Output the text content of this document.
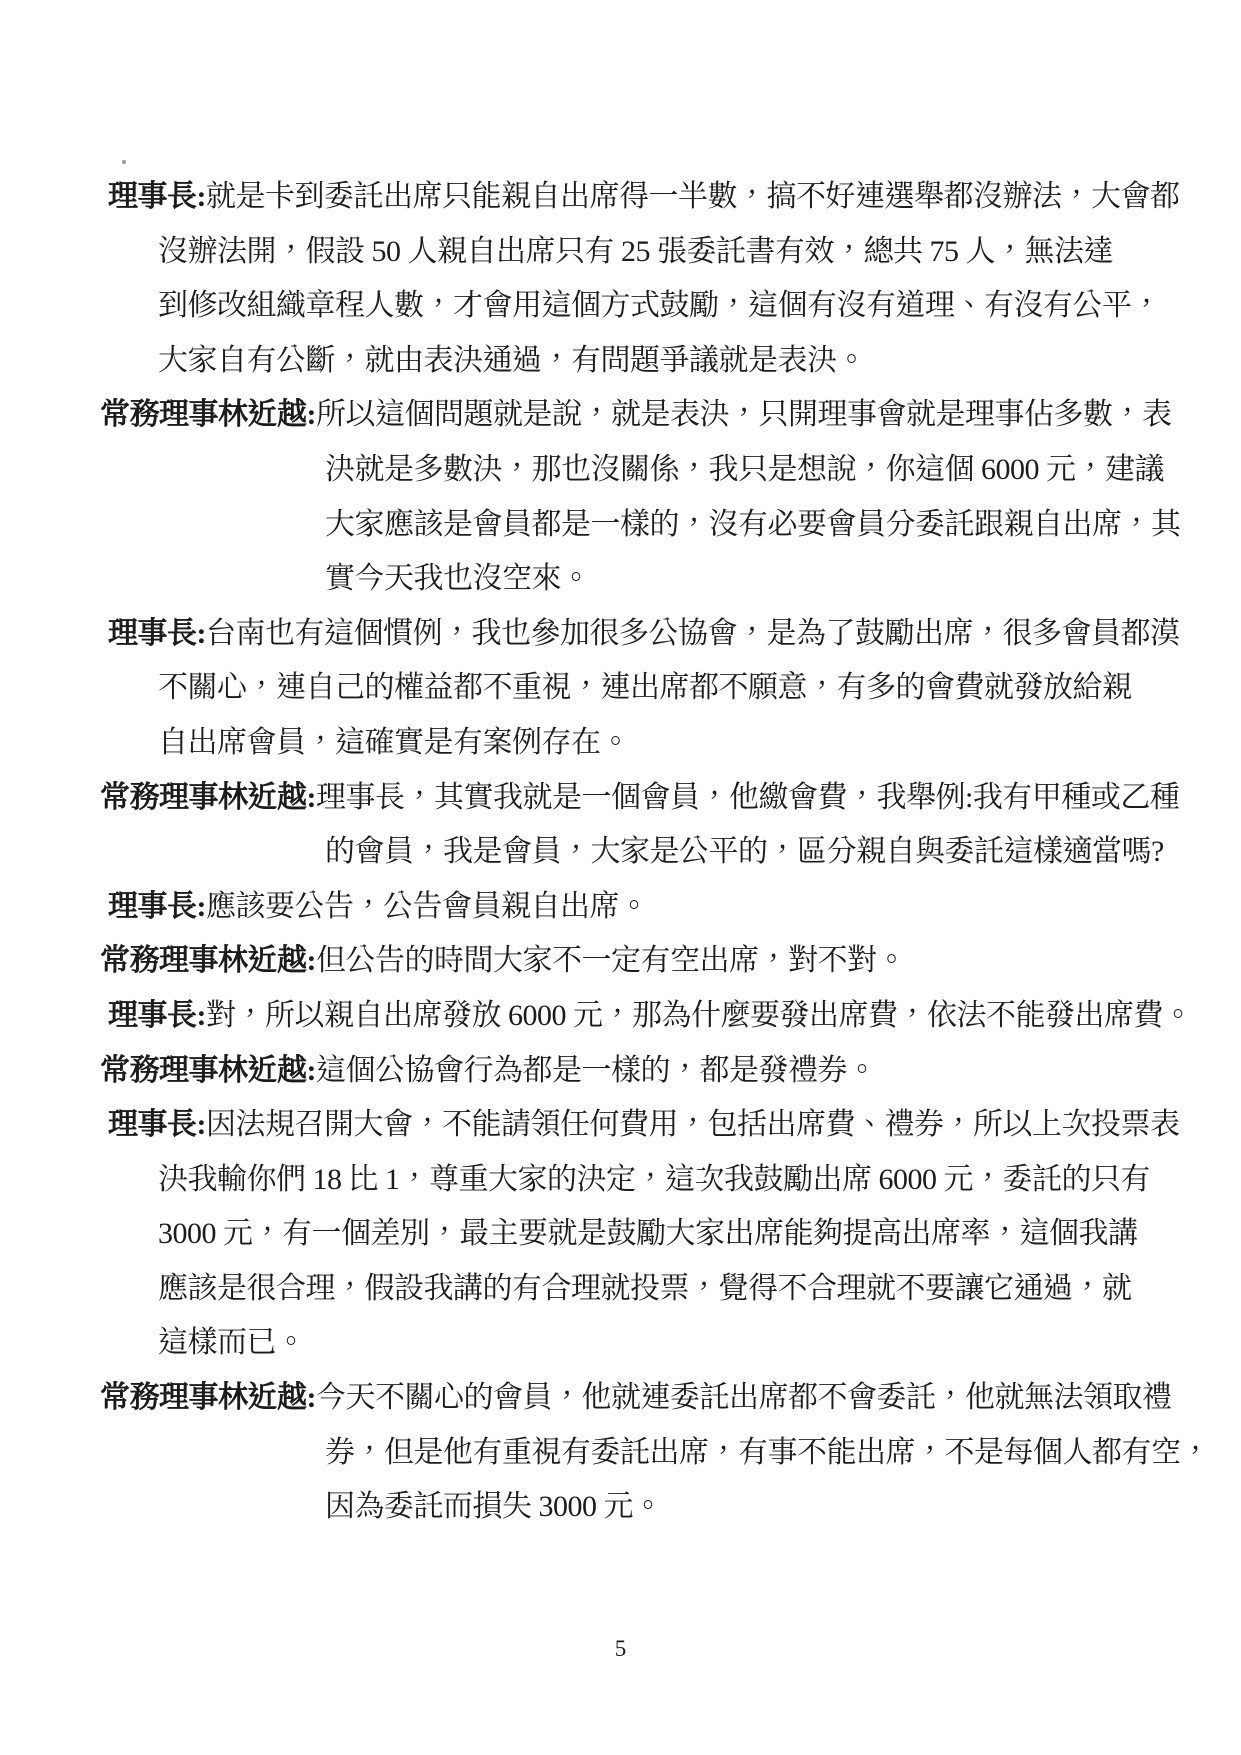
理事長:就是卡到委託出席只能親自出席得一半數，搞不好連選舉都沒辦法，大會都
沒辦法開，假設 50 人親自出席只有 25 張委託書有效，總共 75 人，無法達
到修改組織章程人數，才會用這個方式鼓勵，這個有沒有道理、有沒有公平，
大家自有公斷，就由表決通過，有問題爭議就是表決。
常務理事林近越:所以這個問題就是說，就是表決，只開理事會就是理事佔多數，表
決就是多數決，那也沒關係，我只是想說，你這個 6000 元，建議
大家應該是會員都是一樣的，沒有必要會員分委託跟親自出席，其
實今天我也沒空來。
理事長:台南也有這個慣例，我也參加很多公協會，是為了鼓勵出席，很多會員都漠
不關心，連自己的權益都不重視，連出席都不願意，有多的會費就發放給親
自出席會員，這確實是有案例存在。
常務理事林近越:理事長，其實我就是一個會員，他繳會費，我舉例:我有甲種或乙種
的會員，我是會員，大家是公平的，區分親自與委託這樣適當嗎?
理事長:應該要公告，公告會員親自出席。
常務理事林近越:但公告的時間大家不一定有空出席，對不對。
理事長:對，所以親自出席發放 6000 元，那為什麼要發出席費，依法不能發出席費。
常務理事林近越:這個公協會行為都是一樣的，都是發禮券。
理事長:因法規召開大會，不能請領任何費用，包括出席費、禮券，所以上次投票表
決我輸你們 18 比 1，尊重大家的決定，這次我鼓勵出席 6000 元，委託的只有
3000 元，有一個差別，最主要就是鼓勵大家出席能夠提高出席率，這個我講
應該是很合理，假設我講的有合理就投票，覺得不合理就不要讓它通過，就
這樣而已。
常務理事林近越:今天不關心的會員，他就連委託出席都不會委託，他就無法領取禮
券，但是他有重視有委託出席，有事不能出席，不是每個人都有空，
因為委託而損失 3000 元。
5
